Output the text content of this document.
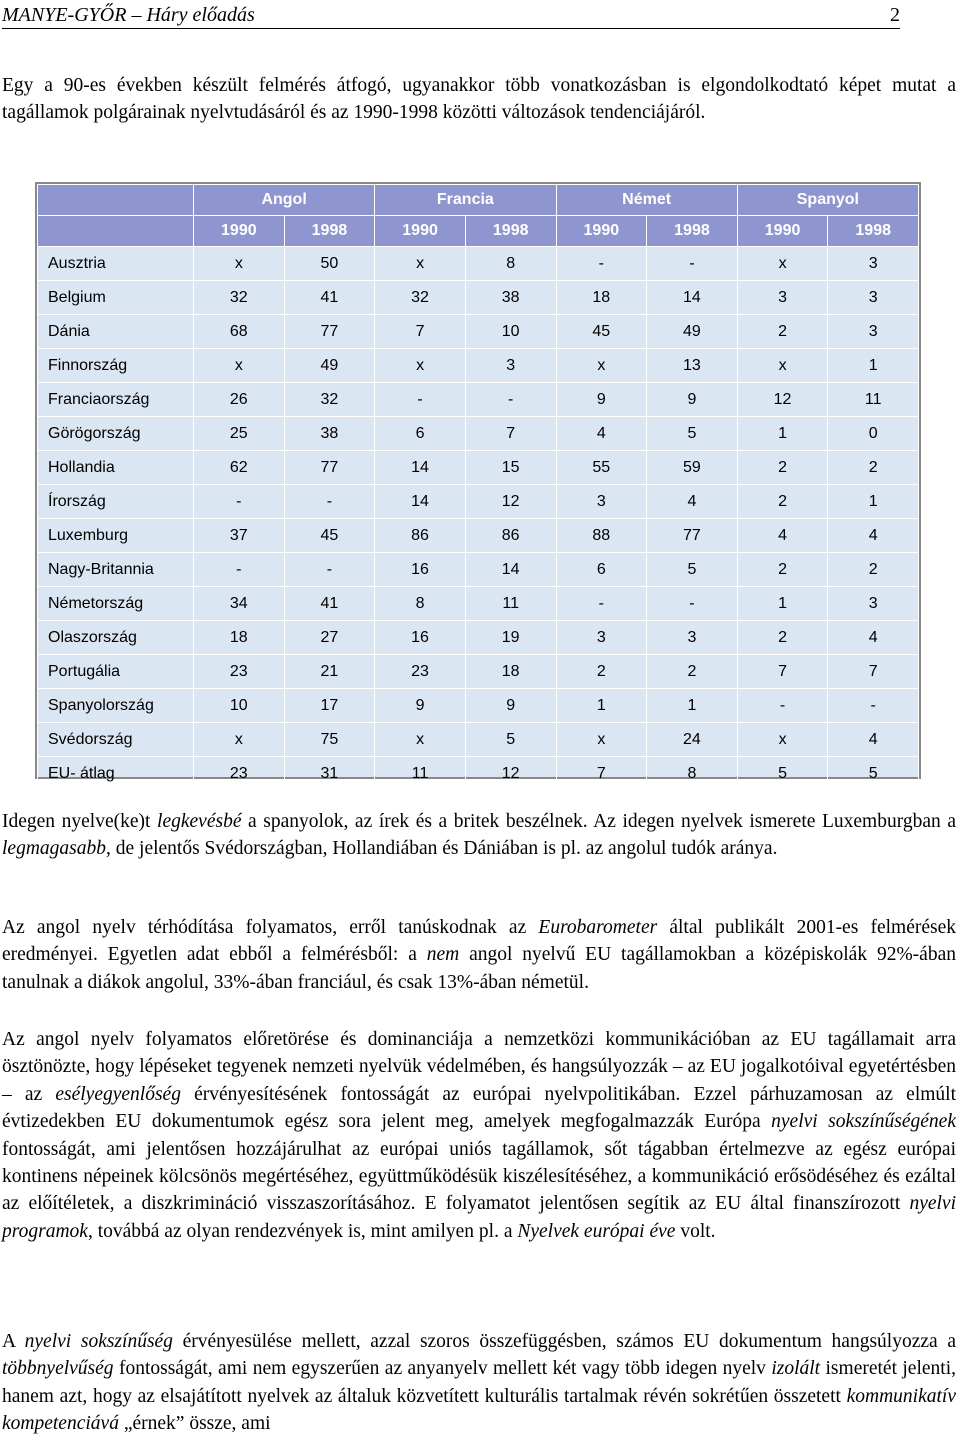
MANYE-GYŐR – Háry előadás	2

Egy a 90-es években készült felmérés átfogó, ugyanakkor több vonatkozásban is elgondolkodtató képet mutat a tagállamok polgárainak nyelvtudásáról és az 1990-1998 közötti változások tendenciájáról.

	Angol		Francia		Német		Spanyol	
	1990	1998	1990	1998	1990	1998	1990	1998
Ausztria	x	50	x	8	-	-	x	3
Belgium	32	41	32	38	18	14	3	3
Dánia	68	77	7	10	45	49	2	3
Finnország	x	49	x	3	x	13	x	1
Franciaország	26	32	-	-	9	9	12	11
Görögország	25	38	6	7	4	5	1	0
Hollandia	62	77	14	15	55	59	2	2
Írország	-	-	14	12	3	4	2	1
Luxemburg	37	45	86	86	88	77	4	4
Nagy-Britannia	-	-	16	14	6	5	2	2
Németország	34	41	8	11	-	-	1	3
Olaszország	18	27	16	19	3	3	2	4
Portugália	23	21	23	18	2	2	7	7
Spanyolország	10	17	9	9	1	1	-	-
Svédország	x	75	x	5	x	24	x	4
EU- átlag	23	31	11	12	7	8	5	5

Idegen nyelve(ke)t legkevésbé a spanyolok, az írek és a britek beszélnek. Az idegen nyelvek ismerete Luxemburgban a legmagasabb, de jelentős Svédországban, Hollandiában és Dániában is pl. az angolul tudók aránya.

Az angol nyelv térhódítása folyamatos, erről tanúskodnak az Eurobarometer által publikált 2001-es felmérések eredményei. Egyetlen adat ebből a felmérésből: a nem angol nyelvű EU tagállamokban a középiskolák 92%-ában tanulnak a diákok angolul, 33%-ában franciául, és csak 13%-ában németül.

Az angol nyelv folyamatos előretörése és dominanciája a nemzetközi kommunikációban az EU tagállamait arra ösztönözte, hogy lépéseket tegyenek nemzeti nyelvük védelmében, és hangsúlyozzák – az EU jogalkotóival egyetértésben – az esélyegyenlőség érvényesítésének fontosságát az európai nyelvpolitikában. Ezzel párhuzamosan az elmúlt évtizedekben EU dokumentumok egész sora jelent meg, amelyek megfogalmazzák Európa nyelvi sokszínűségének fontosságát, ami jelentősen hozzájárulhat az európai uniós tagállamok, sőt tágabban értelmezve az egész európai kontinens népeinek kölcsönös megértéséhez, együttműködésük kiszélesítéséhez, a kommunikáció erősödéséhez és ezáltal az előítéletek, a diszkrimináció visszaszorításához. E folyamatot jelentősen segítik az EU által finanszírozott nyelvi programok, továbbá az olyan rendezvények is, mint amilyen pl. a Nyelvek európai éve volt.

A nyelvi sokszínűség érvényesülése mellett, azzal szoros összefüggésben, számos EU dokumentum hangsúlyozza a többnyelvűség fontosságát, ami nem egyszerűen az anyanyelv mellett két vagy több idegen nyelv izolált ismeretét jelenti, hanem azt, hogy az elsajátított nyelvek az általuk közvetített kulturális tartalmak révén sokrétűen összetett kommunikatív kompetenciává „érnek” össze, ami
